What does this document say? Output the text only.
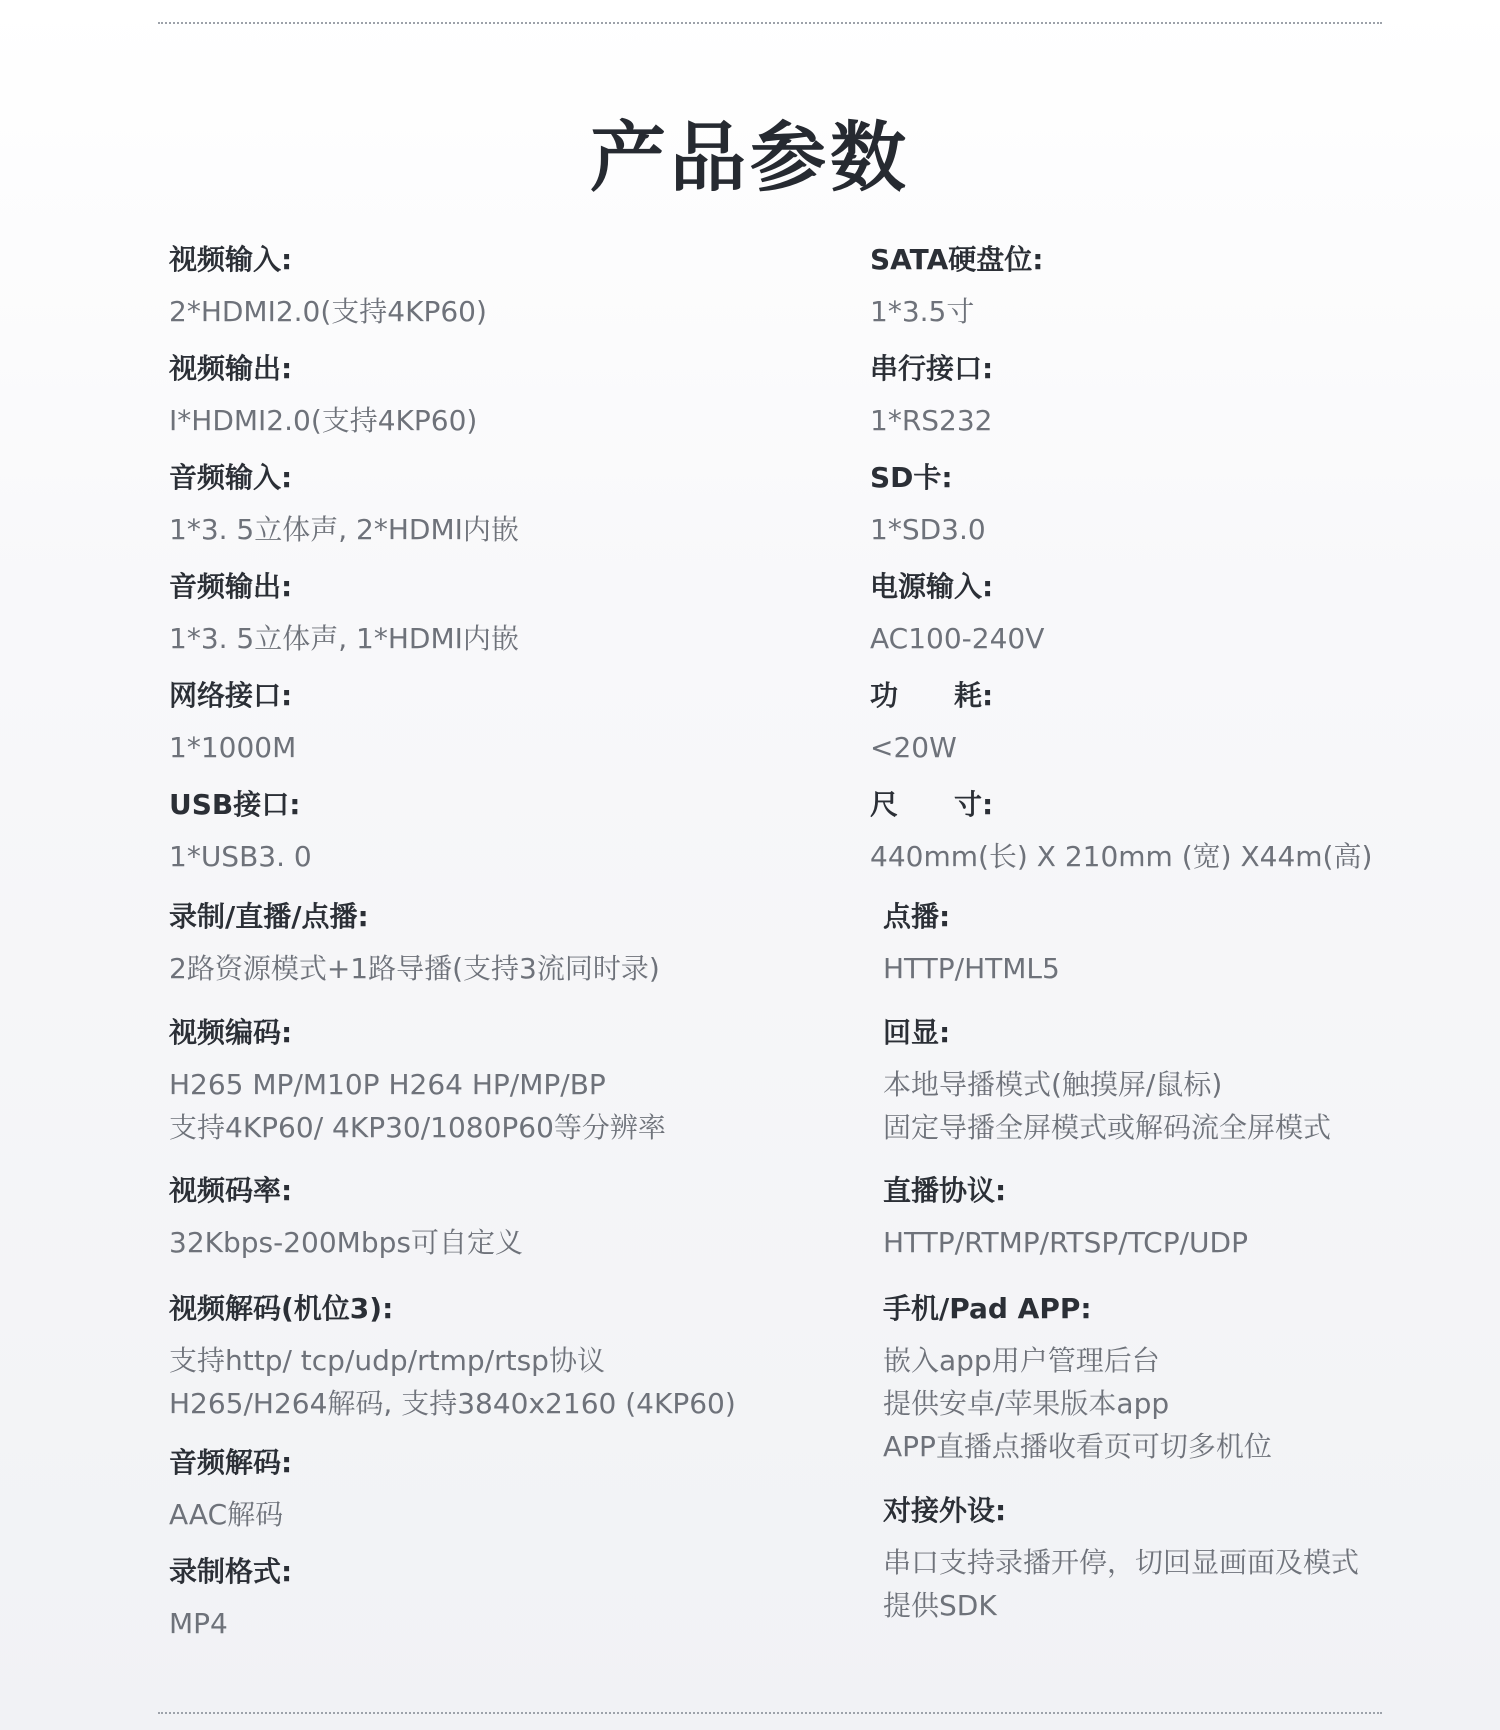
产品参数
视频输入:
2*HDMI2.0(支持4KP60)
视频输出:
I*HDMI2.0(支持4KP60)
音频输入:
1*3. 5立体声, 2*HDMI内嵌
音频输出:
1*3. 5立体声, 1*HDMI内嵌
网络接口:
1*1000M
USB接口:
1*USB3. 0
录制/直播/点播:
2路资源模式+1路导播(支持3流同时录)
视频编码:
H265 MP/M10P H264 HP/MP/BP
支持4KP60/ 4KP30/1080P60等分辨率
视频码率:
32Kbps-200Mbps可自定义
视频解码(机位3):
支持http/ tcp/udp/rtmp/rtsp协议
H265/H264解码, 支持3840x2160 (4KP60)
音频解码:
AAC解码
录制格式:
MP4
SATA硬盘位:
1*3.5寸
串行接口:
1*RS232
SD卡:
1*SD3.0
电源输入:
AC100-240V
功　　耗:
<20W
尺　　寸:
440mm(长) X 210mm (宽) X44m(高)
点播:
HTTP/HTML5
回显:
本地导播模式(触摸屏/鼠标)
固定导播全屏模式或解码流全屏模式
直播协议:
HTTP/RTMP/RTSP/TCP/UDP
手机/Pad APP:
嵌入app用户管理后台
提供安卓/苹果版本app
APP直播点播收看页可切多机位
对接外设:
串口支持录播开停，切回显画面及模式
提供SDK
